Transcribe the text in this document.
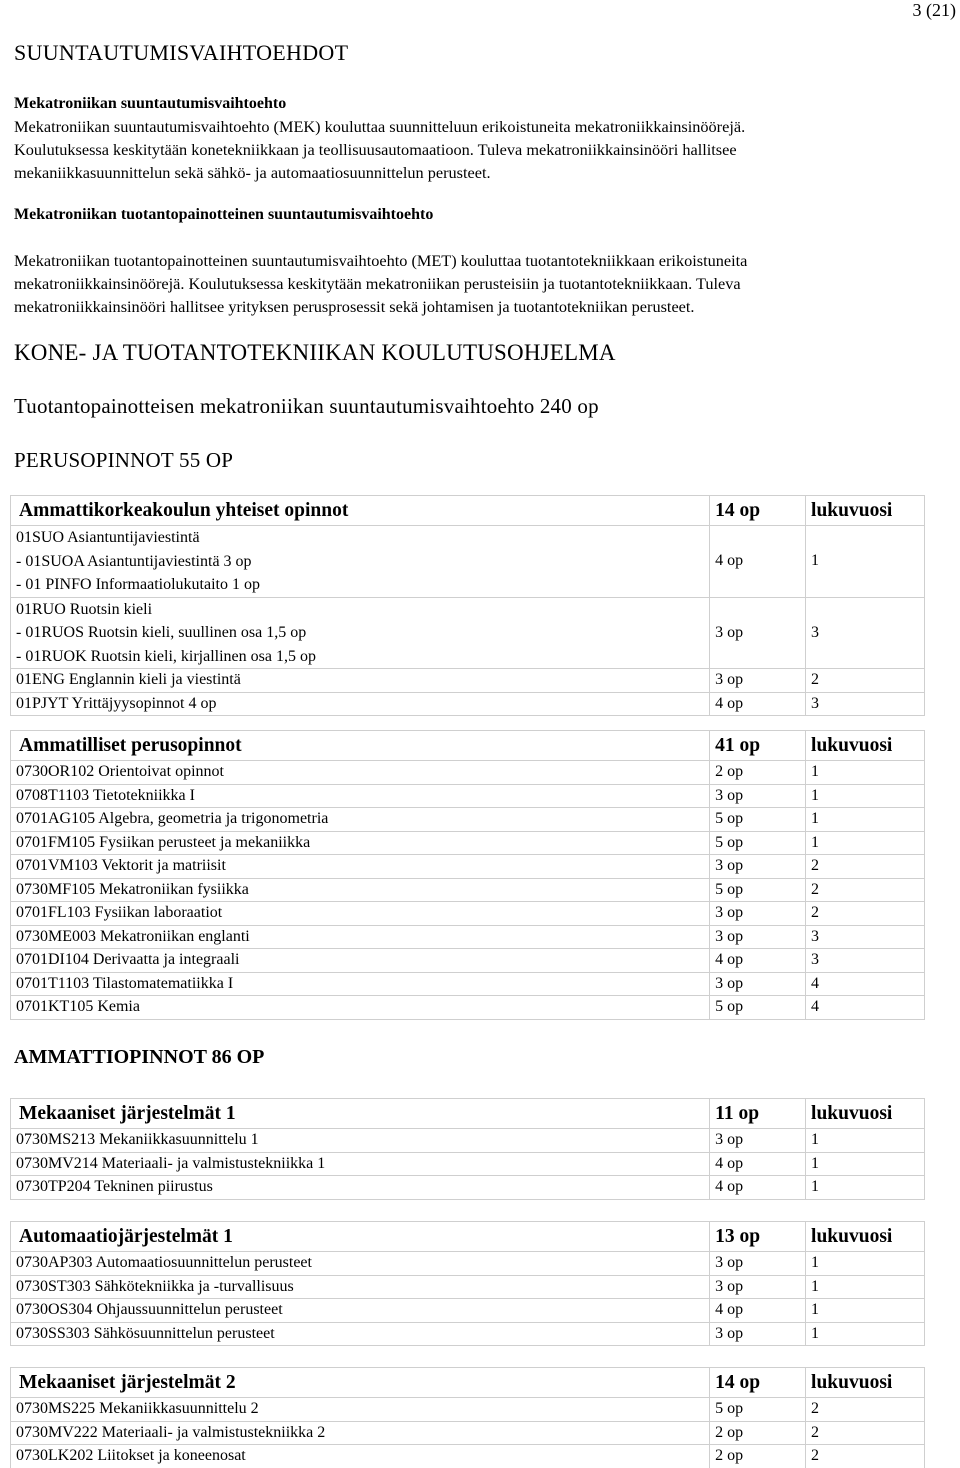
3 (21)
SUUNTAUTUMISVAIHTOEHDOT
Mekatroniikan suuntautumisvaihtoehto
Mekatroniikan suuntautumisvaihtoehto (MEK) kouluttaa suunnitteluun erikoistuneita mekatroniikkainsinöörejä.
Koulutuksessa keskitytään konetekniikkaan ja teollisuusautomaatioon. Tuleva mekatroniikkainsinööri hallitsee
mekaniikkasuunnittelun sekä sähkö- ja automaatiosuunnittelun perusteet.
Mekatroniikan tuotantopainotteinen suuntautumisvaihtoehto
Mekatroniikan tuotantopainotteinen suuntautumisvaihtoehto (MET) kouluttaa tuotantotekniikkaan erikoistuneita
mekatroniikkainsinöörejä. Koulutuksessa keskitytään mekatroniikan perusteisiin ja tuotantotekniikkaan. Tuleva
mekatroniikkainsinööri hallitsee yrityksen perusprosessit sekä johtamisen ja tuotantotekniikan perusteet.
KONE- JA TUOTANTOTEKNIIKAN KOULUTUSOHJELMA
Tuotantopainotteisen mekatroniikan suuntautumisvaihtoehto 240 op
PERUSOPINNOT 55 OP
Ammattikorkeakoulun yhteiset opinnot	14 op	lukuvuosi

01SUO Asiantuntijaviestintä
- 01SUOA Asiantuntijaviestintä 3 op
- 01 PINFO Informaatiolukutaito 1 op	4 op	1

01RUO Ruotsin kieli
- 01RUOS Ruotsin kieli, suullinen osa 1,5 op
- 01RUOK Ruotsin kieli, kirjallinen osa 1,5 op	3 op	3
01ENG Englannin kieli ja viestintä	3 op	2
01PJYT Yrittäjyysopinnot 4 op	4 op	3
Ammatilliset perusopinnot	41 op	lukuvuosi
0730OR102 Orientoivat opinnot	2 op	1
0708T1103 Tietotekniikka I	3 op	1
0701AG105 Algebra, geometria ja trigonometria	5 op	1
0701FM105 Fysiikan perusteet ja mekaniikka	5 op	1
0701VM103 Vektorit ja matriisit	3 op	2
0730MF105 Mekatroniikan fysiikka	5 op	2
0701FL103 Fysiikan laboraatiot	3 op	2
0730ME003 Mekatroniikan englanti	3 op	3
0701DI104 Derivaatta ja integraali	4 op	3
0701T1103 Tilastomatematiikka I	3 op	4
0701KT105 Kemia	5 op	4
AMMATTIOPINNOT 86 OP
Mekaaniset järjestelmät 1	11 op	lukuvuosi
0730MS213 Mekaniikkasuunnittelu 1	3 op	1
0730MV214 Materiaali- ja valmistustekniikka 1	4 op	1
0730TP204 Tekninen piirustus	4 op	1
Automaatiojärjestelmät 1	13 op	lukuvuosi
0730AP303 Automaatiosuunnittelun perusteet	3 op	1
0730ST303 Sähkötekniikka ja -turvallisuus	3 op	1
0730OS304 Ohjaussuunnittelun perusteet	4 op	1
0730SS303 Sähkösuunnittelun perusteet	3 op	1
Mekaaniset järjestelmät 2	14 op	lukuvuosi
0730MS225 Mekaniikkasuunnittelu 2	5 op	2
0730MV222 Materiaali- ja valmistustekniikka 2	2 op	2
0730LK202 Liitokset ja koneenosat	2 op	2
